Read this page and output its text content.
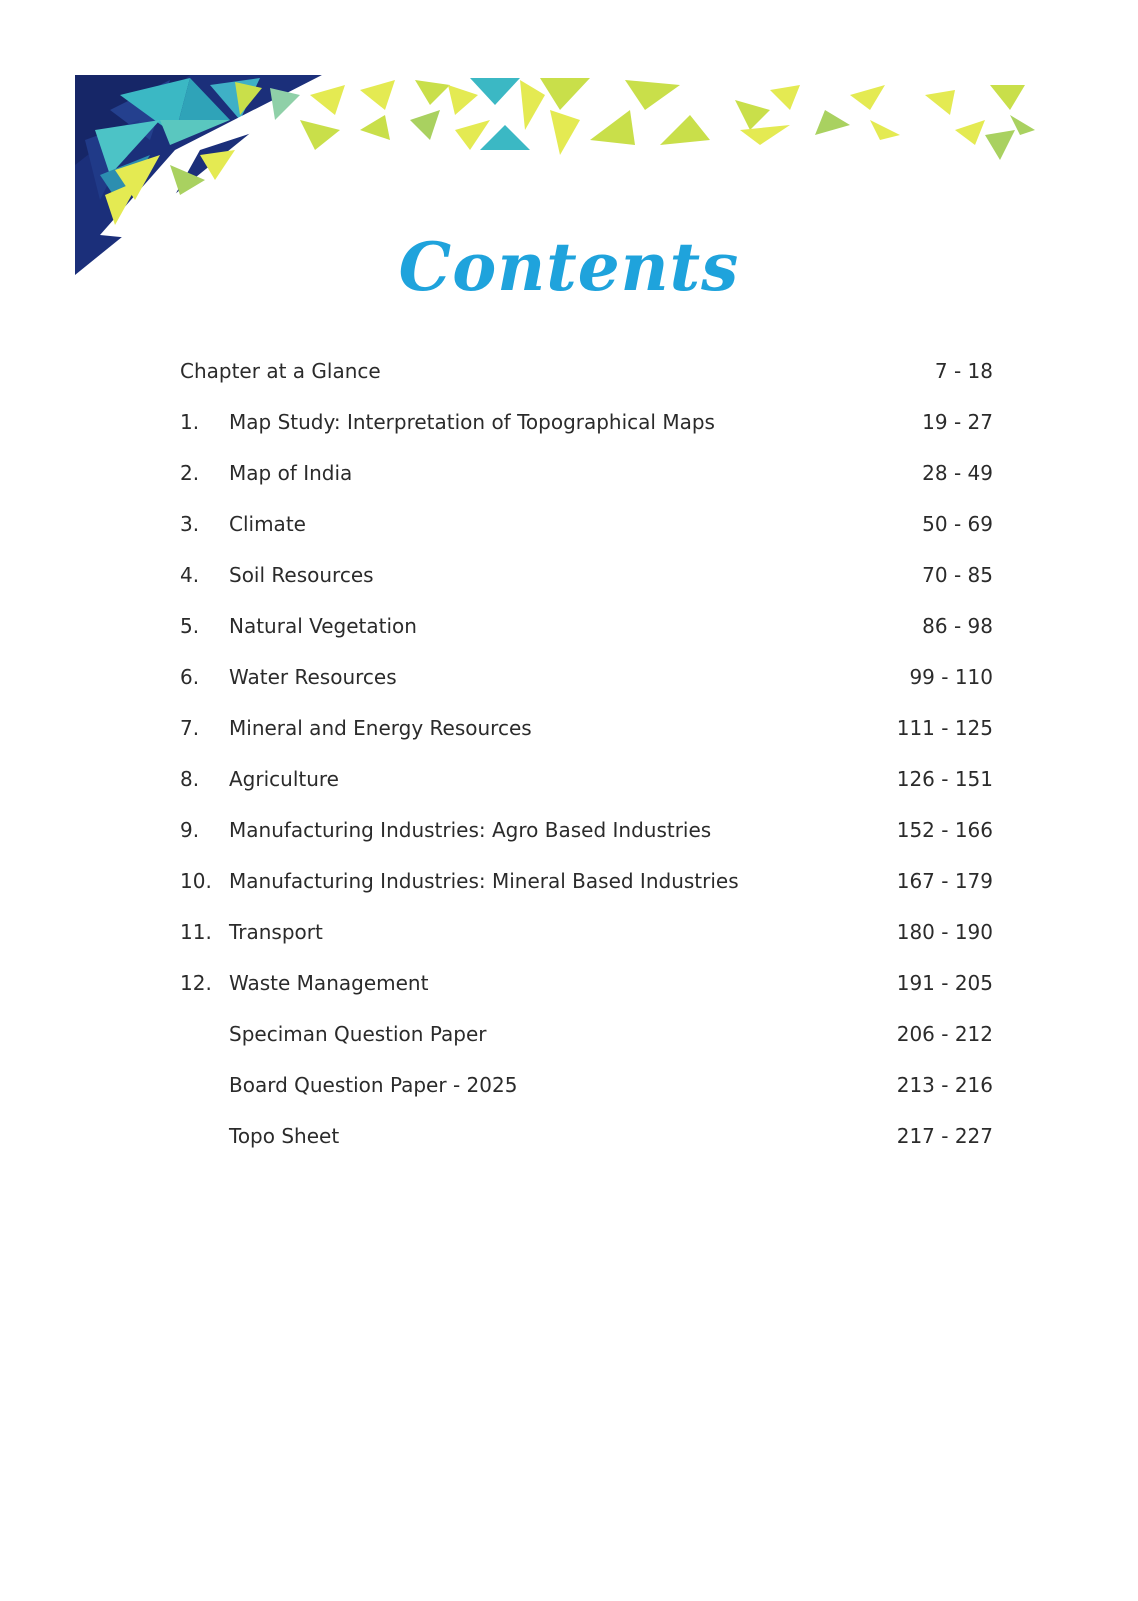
Contents
Chapter at a Glance	7 - 18
1. Map Study: Interpretation of Topographical Maps	19 - 27
2. Map of India	28 - 49
3. Climate	50 - 69
4. Soil Resources	70 - 85
5. Natural Vegetation	86 - 98
6. Water Resources	99 - 110
7. Mineral and Energy Resources	111 - 125
8. Agriculture	126 - 151
9. Manufacturing Industries: Agro Based Industries	152 - 166
10. Manufacturing Industries: Mineral Based Industries	167 - 179
11. Transport	180 - 190
12. Waste Management	191 - 205
Speciman Question Paper	206 - 212
Board Question Paper - 2025	213 - 216
Topo Sheet	217 - 227
